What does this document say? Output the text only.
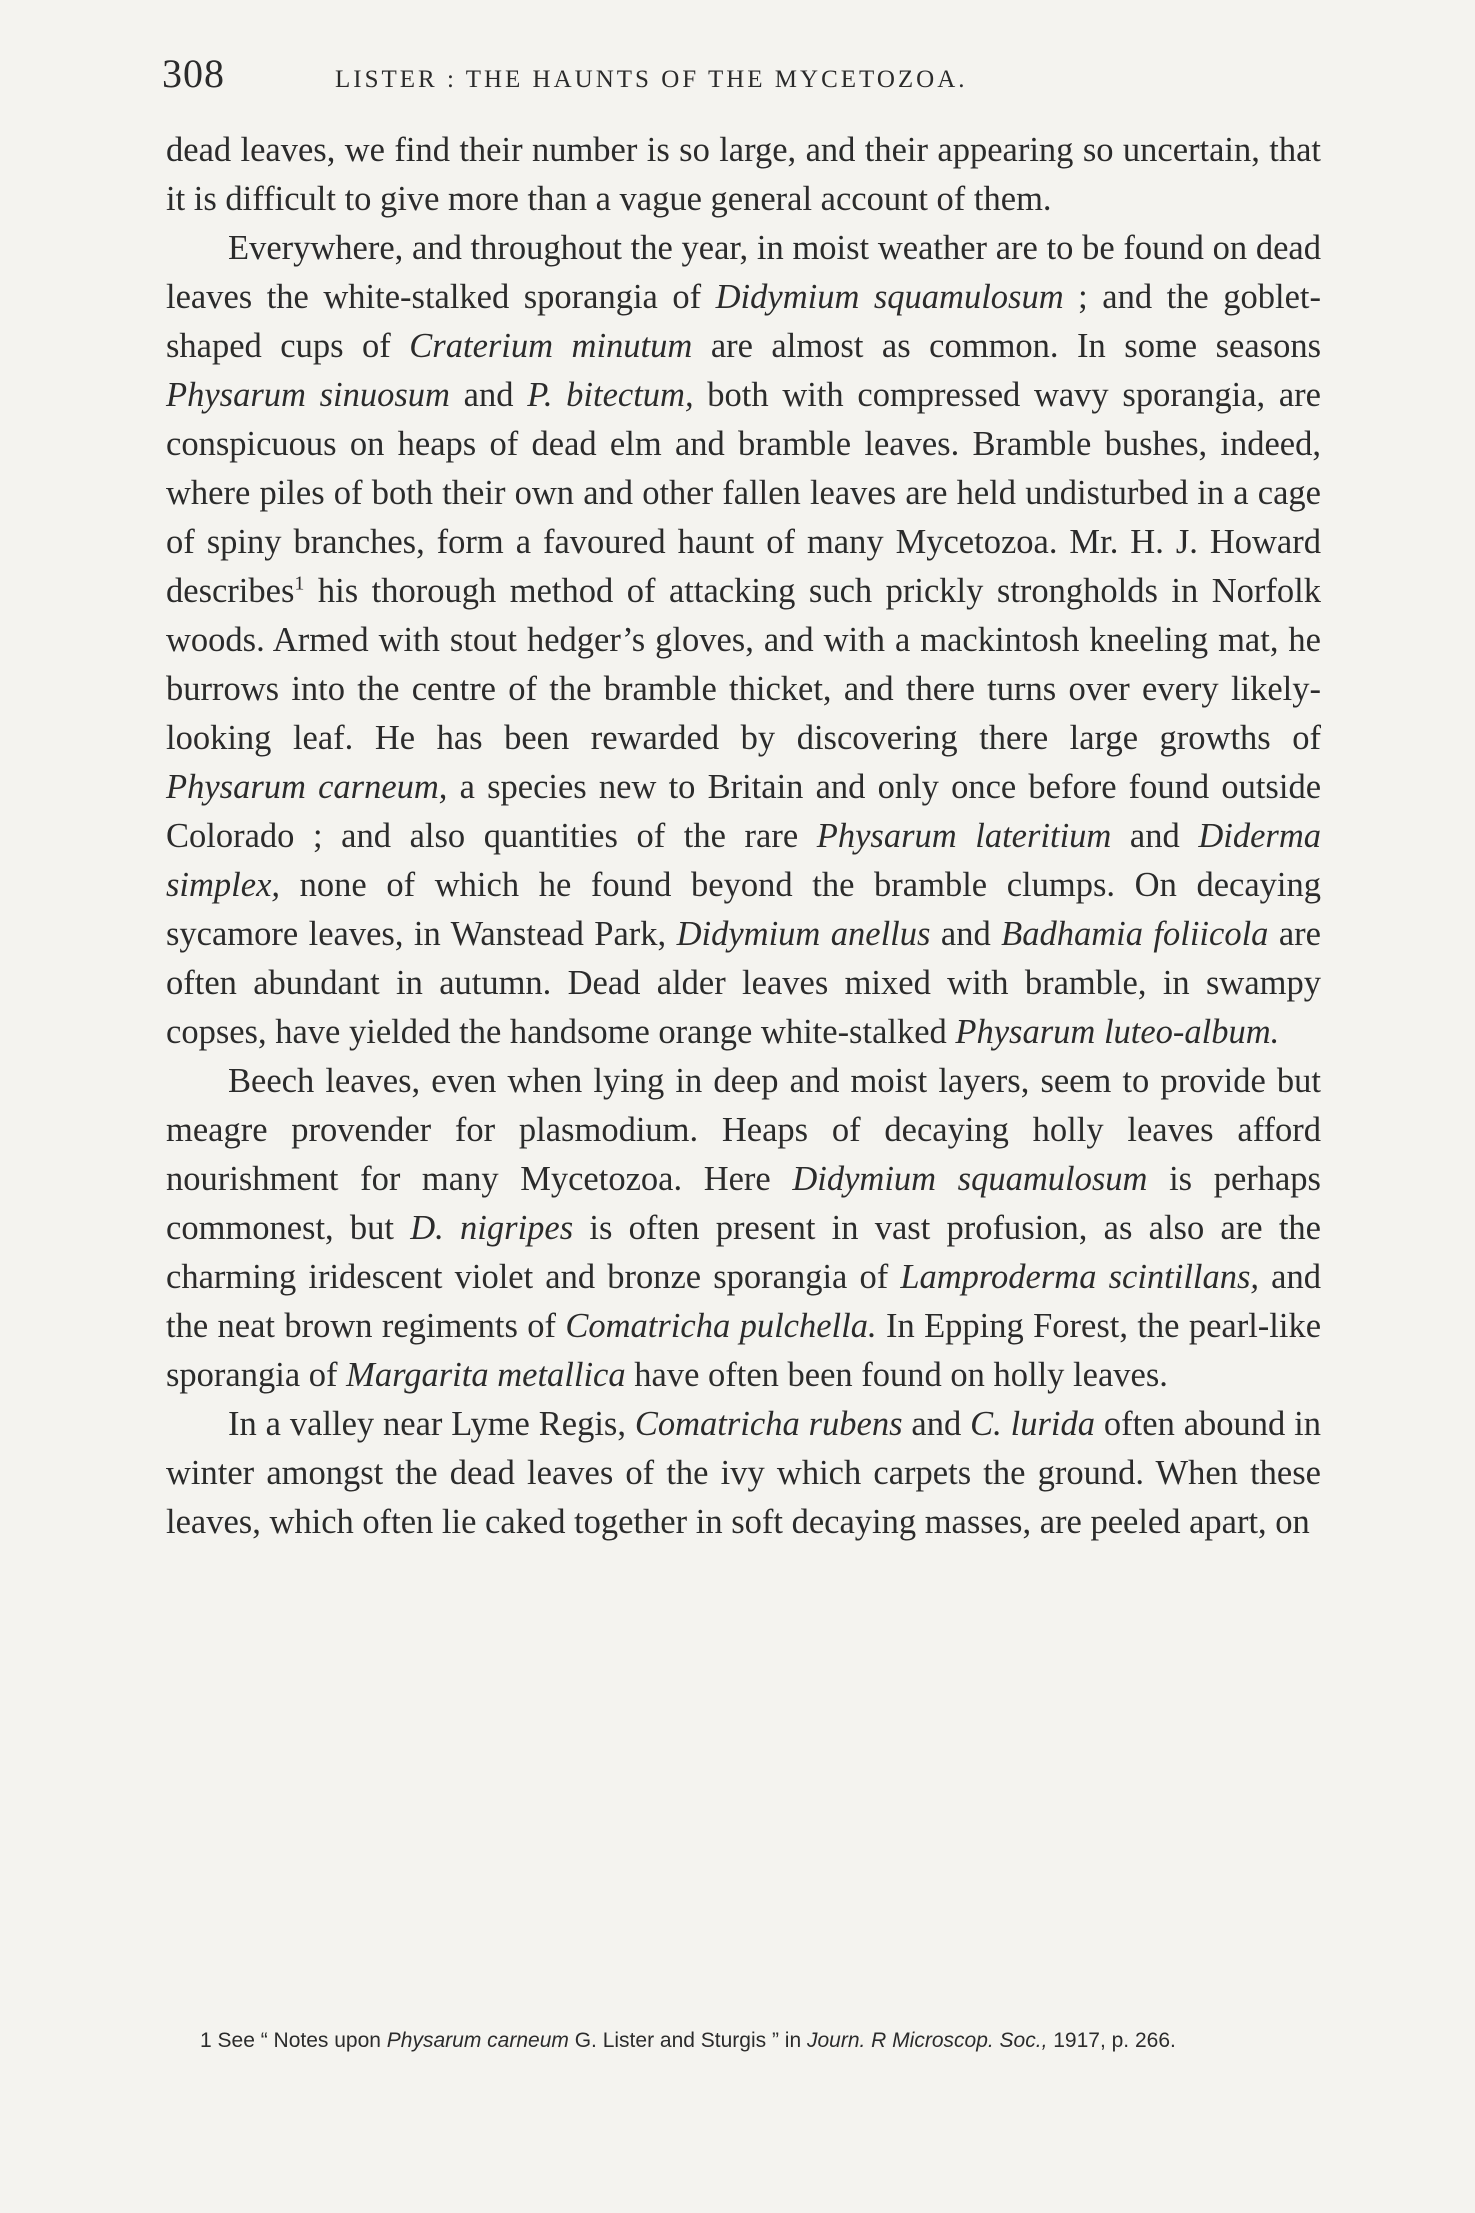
308	LISTER : THE HAUNTS OF THE MYCETOZOA.

dead leaves, we find their number is so large, and their appearing so uncertain, that it is difficult to give more than a vague general account of them.

Everywhere, and throughout the year, in moist weather are to be found on dead leaves the white-stalked sporangia of Didymium squamulosum ; and the goblet-shaped cups of Craterium minutum are almost as common. In some seasons Physarum sinuosum and P. bitectum, both with compressed wavy sporangia, are conspicuous on heaps of dead elm and bramble leaves. Bramble bushes, indeed, where piles of both their own and other fallen leaves are held undisturbed in a cage of spiny branches, form a favoured haunt of many Mycetozoa. Mr. H. J. Howard describes$^1$ his thorough method of attacking such prickly strongholds in Norfolk woods. Armed with stout hedger’s gloves, and with a mackintosh kneeling mat, he burrows into the centre of the bramble thicket, and there turns over every likely-looking leaf. He has been rewarded by discovering there large growths of Physarum carneum, a species new to Britain and only once before found outside Colorado ; and also quantities of the rare Physarum lateritium and Diderma simplex, none of which he found beyond the bramble clumps. On decaying sycamore leaves, in Wanstead Park, Didymium anellus and Badhamia foliicola are often abundant in autumn. Dead alder leaves mixed with bramble, in swampy copses, have yielded the handsome orange white-stalked Physarum luteo-album.

Beech leaves, even when lying in deep and moist layers, seem to provide but meagre provender for plasmodium. Heaps of decaying holly leaves afford nourishment for many Mycetozoa. Here Didymium squamulosum is perhaps commonest, but D. nigripes is often present in vast profusion, as also are the charming iridescent violet and bronze sporangia of Lamproderma scintillans, and the neat brown regiments of Comatricha pulchella. In Epping Forest, the pearl-like sporangia of Margarita metallica have often been found on holly leaves.

In a valley near Lyme Regis, Comatricha rubens and C. lurida often abound in winter amongst the dead leaves of the ivy which carpets the ground. When these leaves, which often lie caked together in soft decaying masses, are peeled apart, on

1 See “ Notes upon Physarum carneum G. Lister and Sturgis ” in Journ. R Microscop. Soc., 1917, p. 266.
